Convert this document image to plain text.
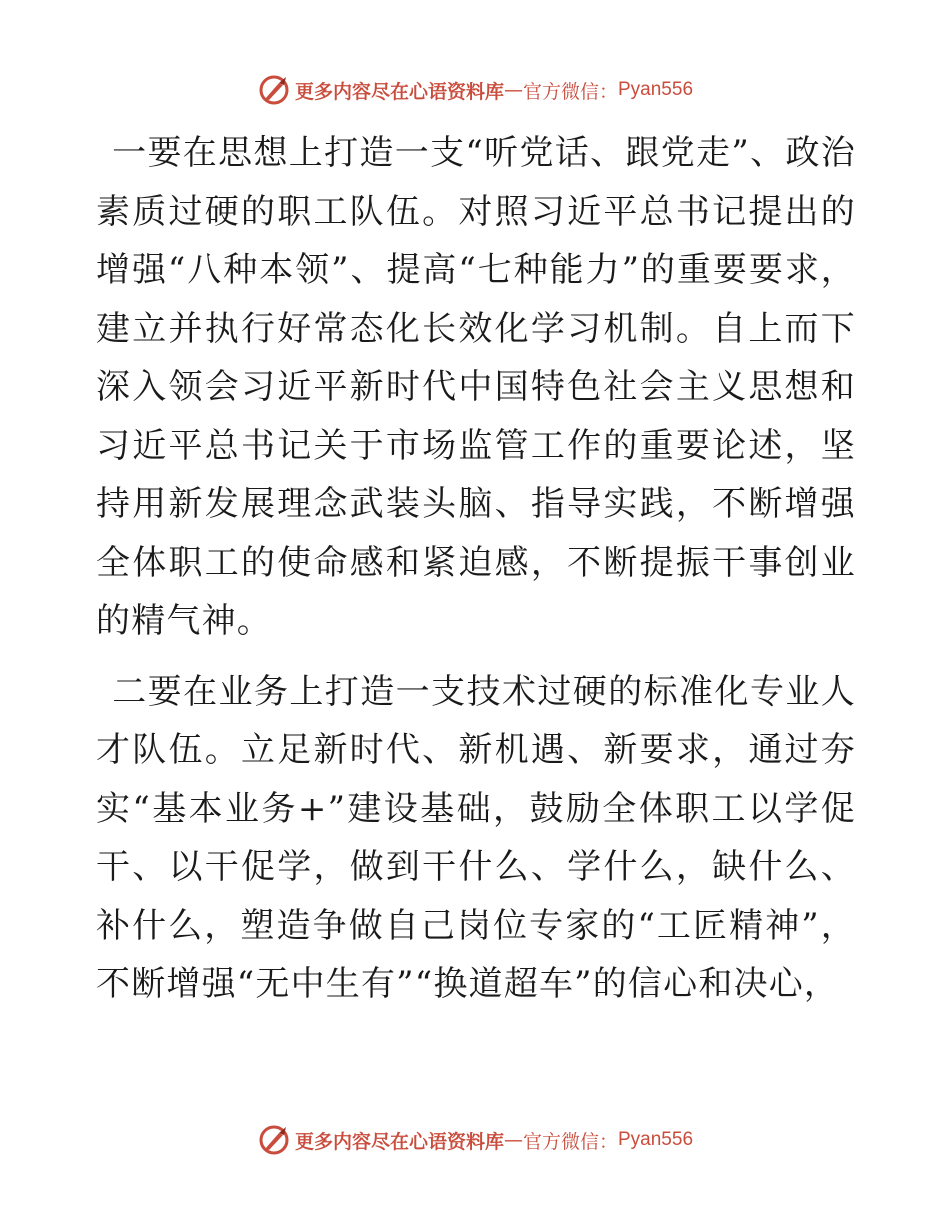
更多内容尽在心语资料库 — 官方微信： Pyan556

一要在思想上打造一支“听党话、跟党走”、政治素质过硬的职工队伍。对照习近平总书记提出的增强“八种本领”、提高“七种能力”的重要要求，建立并执行好常态化长效化学习机制。自上而下深入领会习近平新时代中国特色社会主义思想和习近平总书记关于市场监管工作的重要论述，坚持用新发展理念武装头脑、指导实践，不断增强全体职工的使命感和紧迫感，不断提振干事创业的精气神。

二要在业务上打造一支技术过硬的标准化专业人才队伍。立足新时代、新机遇、新要求，通过夯实“基本业务+”建设基础，鼓励全体职工以学促干、以干促学，做到干什么、学什么，缺什么、补什么，塑造争做自己岗位专家的“工匠精神”，不断增强“无中生有”“换道超车”的信心和决心，

更多内容尽在心语资料库 — 官方微信： Pyan556
